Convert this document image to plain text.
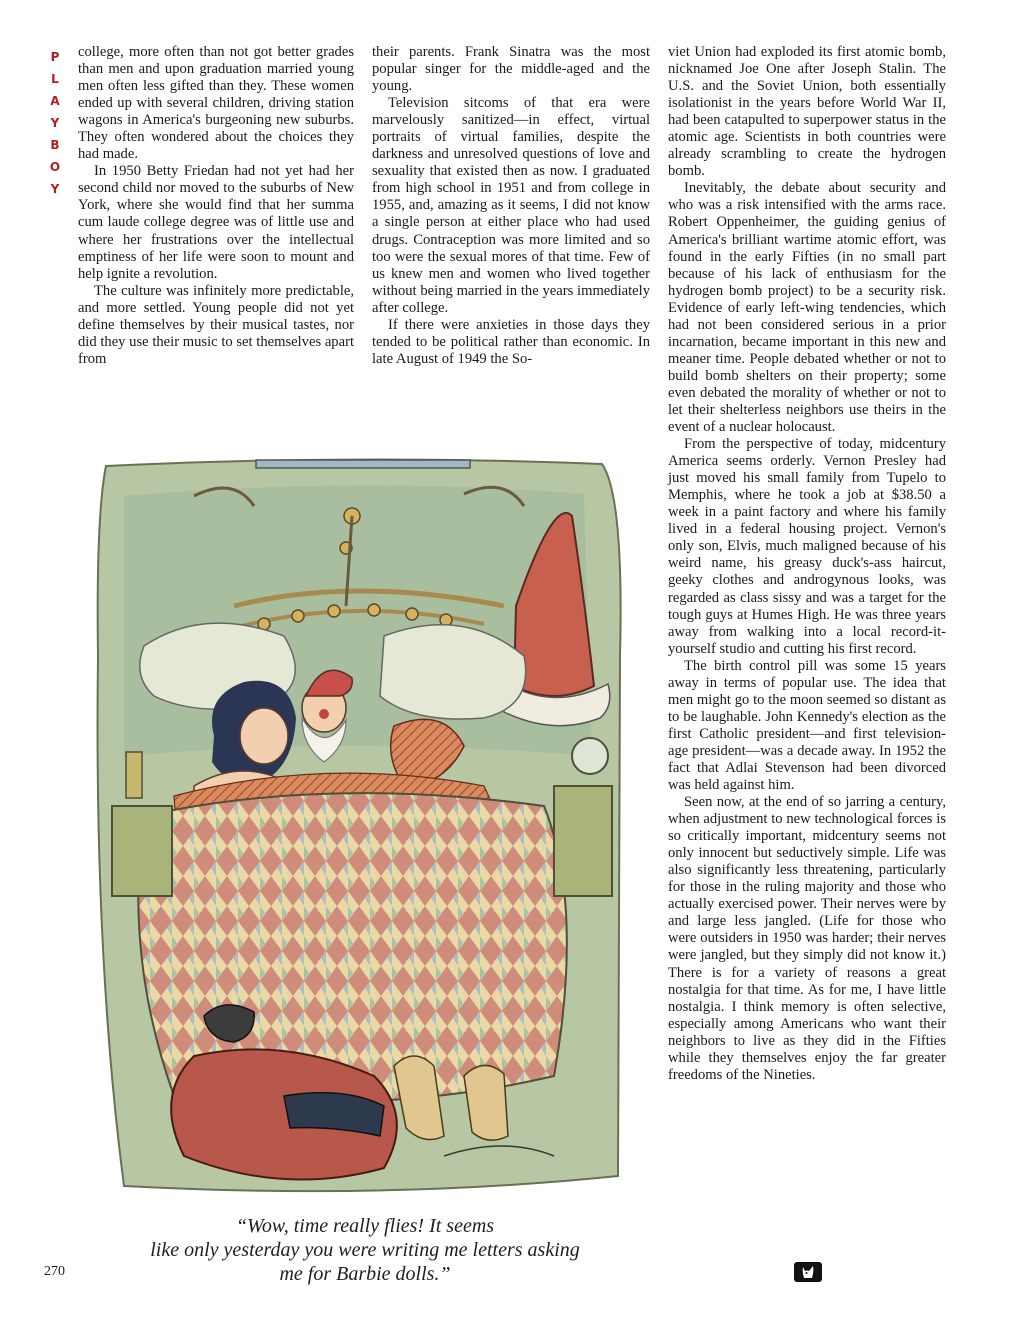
P
L
A
Y
B
O
Y

college, more often than not got better grades than men and upon graduation married young men often less gifted than they. These women ended up with several children, driving station wagons in America's burgeoning new suburbs. They often wondered about the choices they had made.

In 1950 Betty Friedan had not yet had her second child nor moved to the suburbs of New York, where she would find that her summa cum laude college degree was of little use and where her frustrations over the intellectual emptiness of her life were soon to mount and help ignite a revolution.

The culture was infinitely more predictable, and more settled. Young people did not yet define themselves by their musical tastes, nor did they use their music to set themselves apart from

their parents. Frank Sinatra was the most popular singer for the middle-aged and the young.

Television sitcoms of that era were marvelously sanitized—in effect, virtual portraits of virtual families, despite the darkness and unresolved questions of love and sexuality that existed then as now. I graduated from high school in 1951 and from college in 1955, and, amazing as it seems, I did not know a single person at either place who had used drugs. Contraception was more limited and so too were the sexual mores of that time. Few of us knew men and women who lived together without being married in the years immediately after college.

If there were anxieties in those days they tended to be political rather than economic. In late August of 1949 the So-

viet Union had exploded its first atomic bomb, nicknamed Joe One after Joseph Stalin. The U.S. and the Soviet Union, both essentially isolationist in the years before World War II, had been catapulted to superpower status in the atomic age. Scientists in both countries were already scrambling to create the hydrogen bomb.

Inevitably, the debate about security and who was a risk intensified with the arms race. Robert Oppenheimer, the guiding genius of America's brilliant wartime atomic effort, was found in the early Fifties (in no small part because of his lack of enthusiasm for the hydrogen bomb project) to be a security risk. Evidence of early left-wing tendencies, which had not been considered serious in a prior incarnation, became important in this new and meaner time. People debated whether or not to build bomb shelters on their property; some even debated the morality of whether or not to let their shelterless neighbors use theirs in the event of a nuclear holocaust.

From the perspective of today, midcentury America seems orderly. Vernon Presley had just moved his small family from Tupelo to Memphis, where he took a job at $38.50 a week in a paint factory and where his family lived in a federal housing project. Vernon's only son, Elvis, much maligned because of his weird name, his greasy duck's-ass haircut, geeky clothes and androgynous looks, was regarded as class sissy and was a target for the tough guys at Humes High. He was three years away from walking into a local record-it-yourself studio and cutting his first record.

The birth control pill was some 15 years away in terms of popular use. The idea that men might go to the moon seemed so distant as to be laughable. John Kennedy's election as the first Catholic president—and first television-age president—was a decade away. In 1952 the fact that Adlai Stevenson had been divorced was held against him.

Seen now, at the end of so jarring a century, when adjustment to new technological forces is so critically important, midcentury seems not only innocent but seductively simple. Life was also significantly less threatening, particularly for those in the ruling majority and those who actually exercised power. Their nerves were by and large less jangled. (Life for those who were outsiders in 1950 was harder; their nerves were jangled, but they simply did not know it.) There is for a variety of reasons a great nostalgia for that time. As for me, I have little nostalgia. I think memory is often selective, especially among Americans who want their neighbors to live as they did in the Fifties while they themselves enjoy the far greater freedoms of the Nineties.

“Wow, time really flies! It seems
like only yesterday you were writing me letters asking
me for Barbie dolls.”
270
